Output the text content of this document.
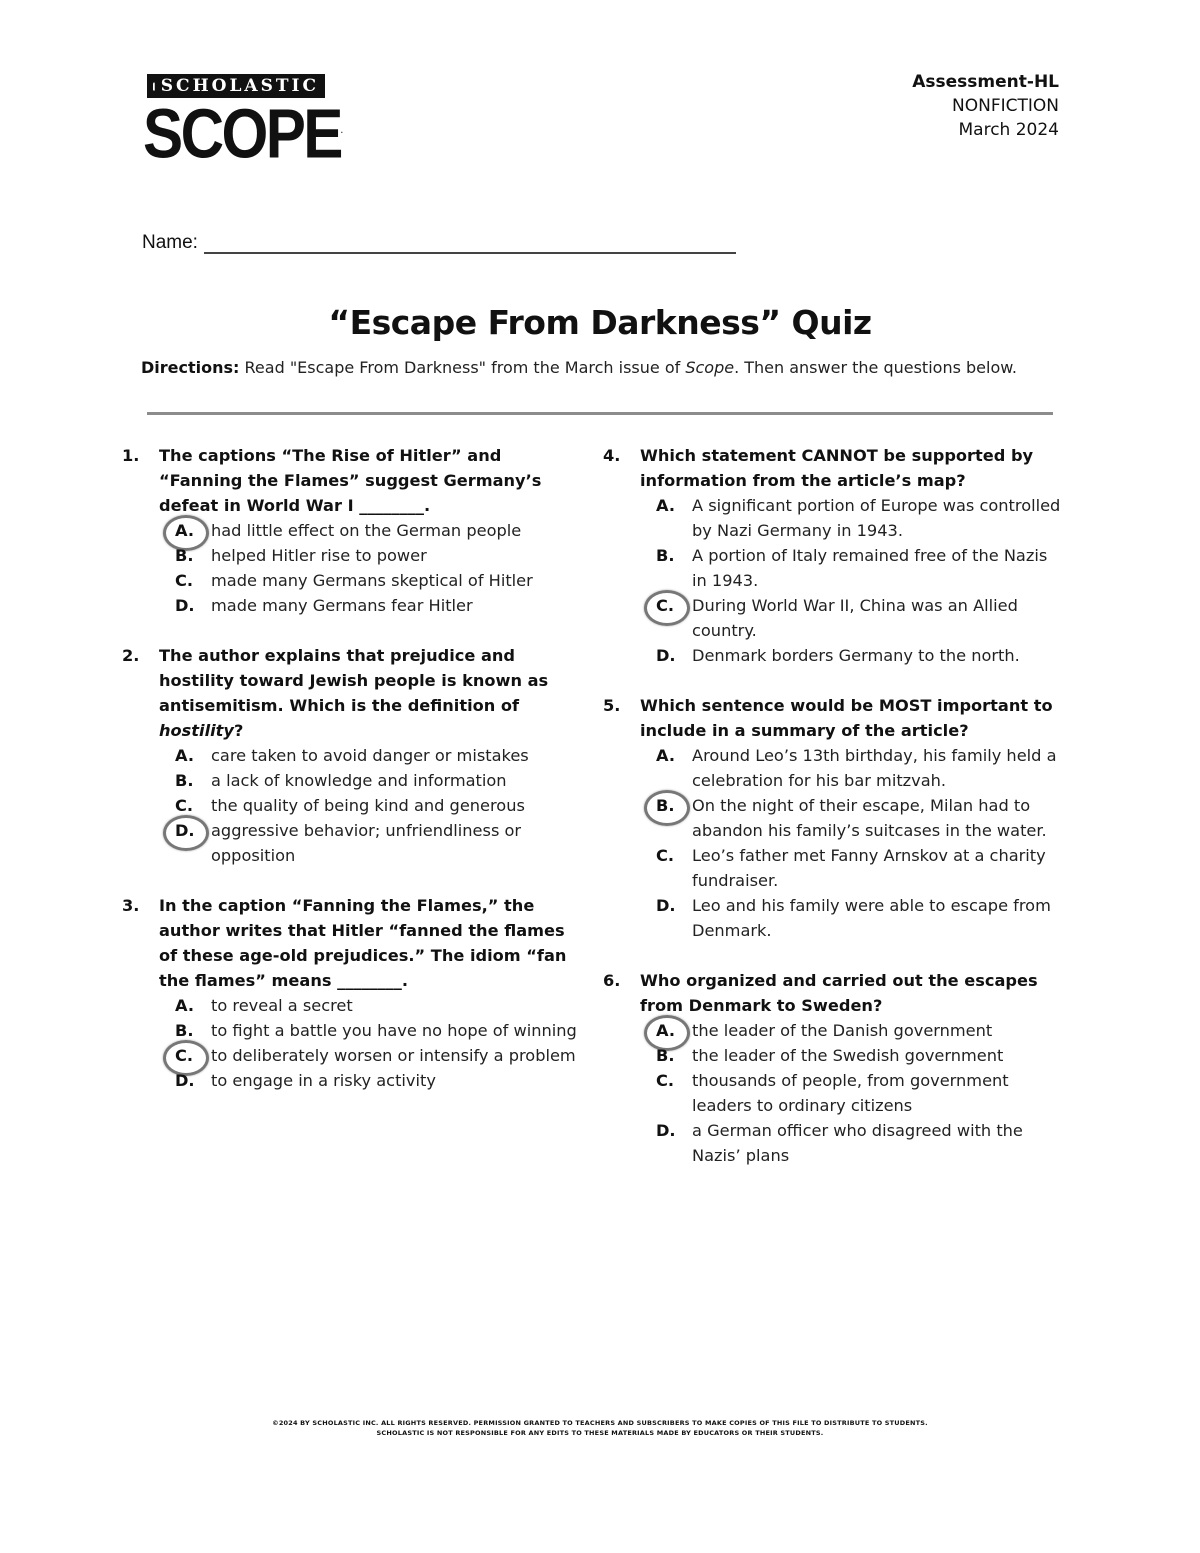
SCHOLASTIC
SCOPE.
Assessment-HL
NONFICTION
March 2024
Name:
“Escape From Darkness” Quiz
Directions: Read "Escape From Darkness" from the March issue of Scope. Then answer the questions below.
1.	The captions “The Rise of Hitler” and “Fanning the Flames” suggest Germany’s defeat in World War I ________.
A.	had little effect on the German people
B.	helped Hitler rise to power
C.	made many Germans skeptical of Hitler
D.	made many Germans fear Hitler
2.	The author explains that prejudice and hostility toward Jewish people is known as antisemitism. Which is the definition of hostility?
A.	care taken to avoid danger or mistakes
B.	a lack of knowledge and information
C.	the quality of being kind and generous
D.	aggressive behavior; unfriendliness or opposition
3.	In the caption “Fanning the Flames,” the author writes that Hitler “fanned the flames of these age-old prejudices.” The idiom “fan the flames” means ________.
A.	to reveal a secret
B.	to fight a battle you have no hope of winning
C.	to deliberately worsen or intensify a problem
D.	to engage in a risky activity
4.	Which statement CANNOT be supported by information from the article’s map?
A.	A significant portion of Europe was controlled by Nazi Germany in 1943.
B.	A portion of Italy remained free of the Nazis in 1943.
C.	During World War II, China was an Allied country.
D.	Denmark borders Germany to the north.
5.	Which sentence would be MOST important to include in a summary of the article?
A.	Around Leo’s 13th birthday, his family held a celebration for his bar mitzvah.
B.	On the night of their escape, Milan had to abandon his family’s suitcases in the water.
C.	Leo’s father met Fanny Arnskov at a charity fundraiser.
D.	Leo and his family were able to escape from Denmark.
6.	Who organized and carried out the escapes from Denmark to Sweden?
A.	the leader of the Danish government
B.	the leader of the Swedish government
C.	thousands of people, from government leaders to ordinary citizens
D.	a German officer who disagreed with the Nazis’ plans
©2024 BY SCHOLASTIC INC. ALL RIGHTS RESERVED. PERMISSION GRANTED TO TEACHERS AND SUBSCRIBERS TO MAKE COPIES OF THIS FILE TO DISTRIBUTE TO STUDENTS.
SCHOLASTIC IS NOT RESPONSIBLE FOR ANY EDITS TO THESE MATERIALS MADE BY EDUCATORS OR THEIR STUDENTS.
